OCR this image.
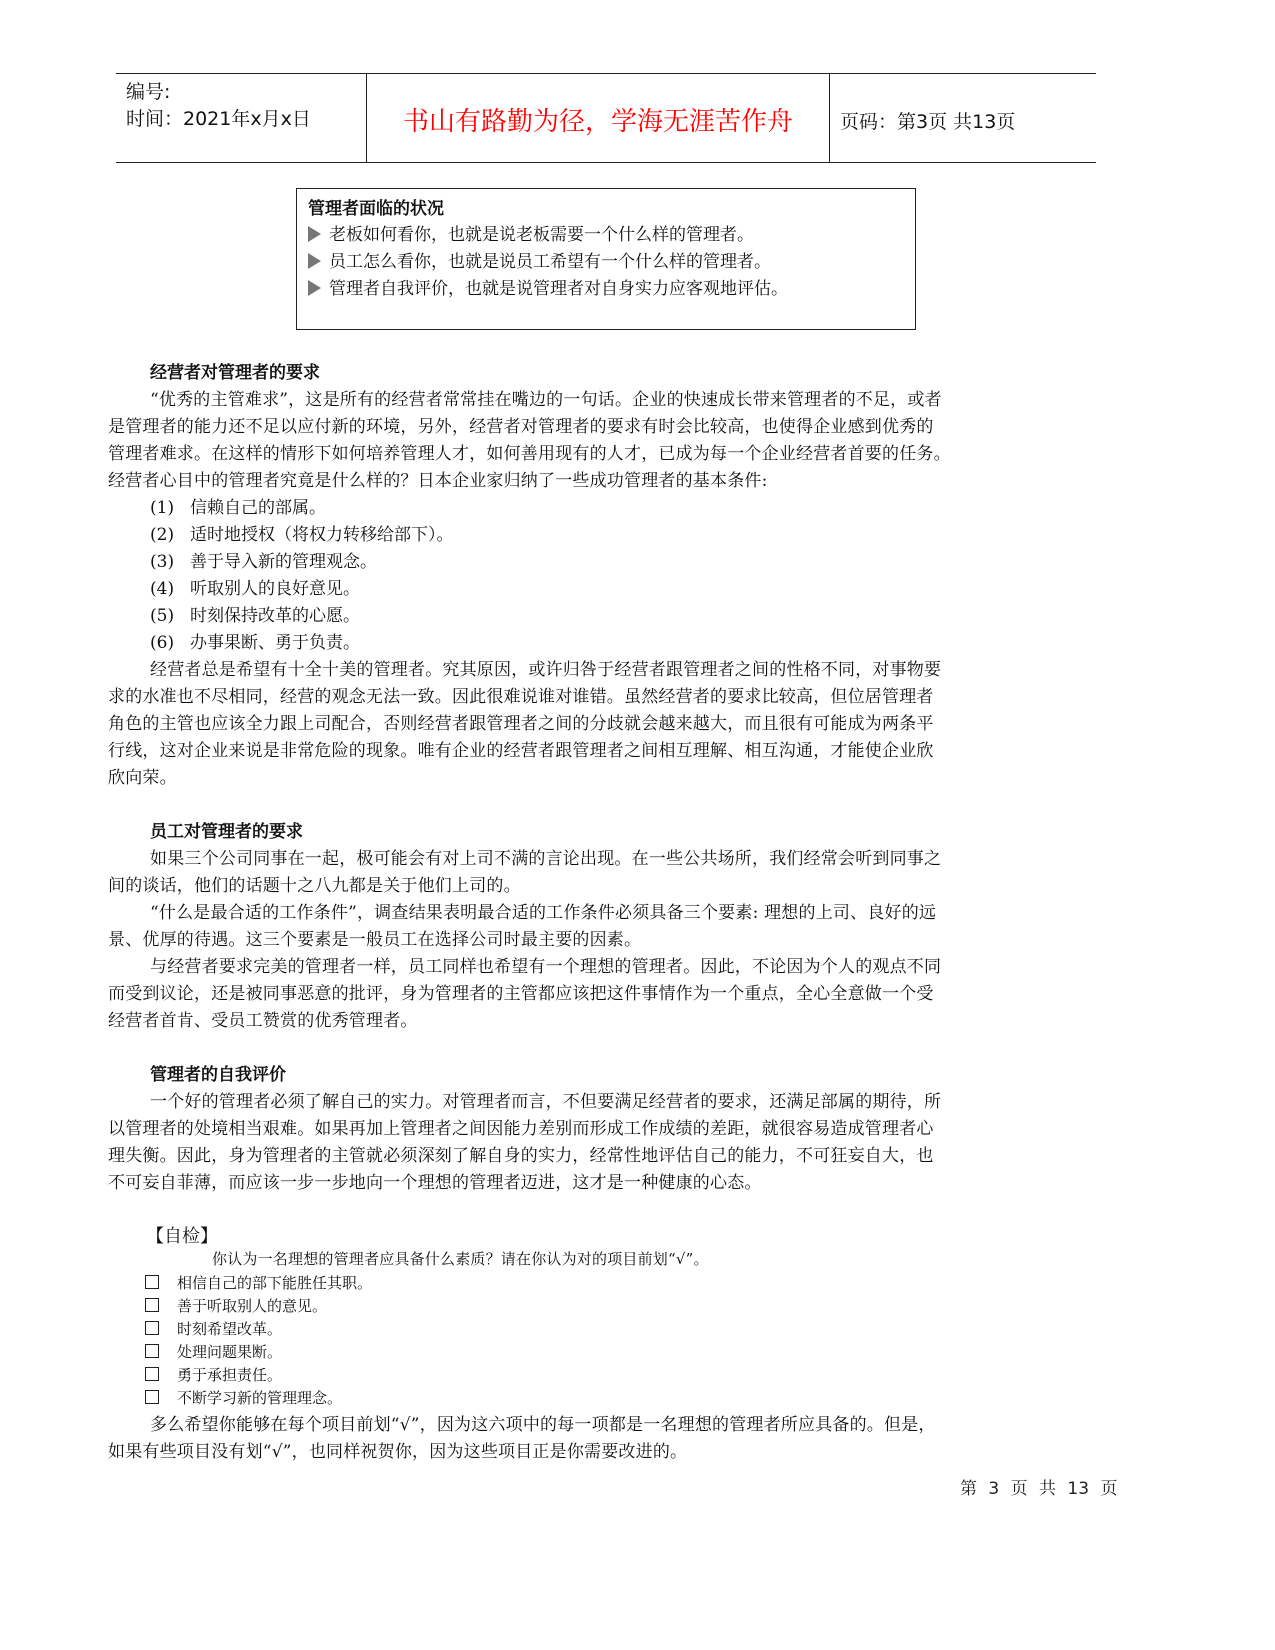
编号:
时间：2021年x月x日	书山有路勤为径，学海无涯苦作舟	页码：第3页 共13页
管理者面临的状况
老板如何看你，也就是说老板需要一个什么样的管理者。
员工怎么看你，也就是说员工希望有一个什么样的管理者。
管理者自我评价，也就是说管理者对自身实力应客观地评估。
经营者对管理者的要求
“优秀的主管难求”，这是所有的经营者常常挂在嘴边的一句话。企业的快速成长带来管理者的不足，或者
是管理者的能力还不足以应付新的环境，另外，经营者对管理者的要求有时会比较高，也使得企业感到优秀的
管理者难求。在这样的情形下如何培养管理人才，如何善用现有的人才，已成为每一个企业经营者首要的任务。
经营者心目中的管理者究竟是什么样的？日本企业家归纳了一些成功管理者的基本条件:
(1) 信赖自己的部属。
(2) 适时地授权（将权力转移给部下）。
(3) 善于导入新的管理观念。
(4) 听取别人的良好意见。
(5) 时刻保持改革的心愿。
(6) 办事果断、勇于负责。
经营者总是希望有十全十美的管理者。究其原因，或许归咎于经营者跟管理者之间的性格不同，对事物要
求的水准也不尽相同，经营的观念无法一致。因此很难说谁对谁错。虽然经营者的要求比较高，但位居管理者
角色的主管也应该全力跟上司配合，否则经营者跟管理者之间的分歧就会越来越大，而且很有可能成为两条平
行线，这对企业来说是非常危险的现象。唯有企业的经营者跟管理者之间相互理解、相互沟通，才能使企业欣
欣向荣。
员工对管理者的要求
如果三个公司同事在一起，极可能会有对上司不满的言论出现。在一些公共场所，我们经常会听到同事之
间的谈话，他们的话题十之八九都是关于他们上司的。
“什么是最合适的工作条件”，调查结果表明最合适的工作条件必须具备三个要素: 理想的上司、良好的远
景、优厚的待遇。这三个要素是一般员工在选择公司时最主要的因素。
与经营者要求完美的管理者一样，员工同样也希望有一个理想的管理者。因此，不论因为个人的观点不同
而受到议论，还是被同事恶意的批评，身为管理者的主管都应该把这件事情作为一个重点，全心全意做一个受
经营者首肯、受员工赞赏的优秀管理者。
管理者的自我评价
一个好的管理者必须了解自己的实力。对管理者而言，不但要满足经营者的要求，还满足部属的期待，所
以管理者的处境相当艰难。如果再加上管理者之间因能力差别而形成工作成绩的差距，就很容易造成管理者心
理失衡。因此，身为管理者的主管就必须深刻了解自身的实力，经常性地评估自己的能力，不可狂妄自大，也
不可妄自菲薄，而应该一步一步地向一个理想的管理者迈进，这才是一种健康的心态。
【自检】
你认为一名理想的管理者应具备什么素质？请在你认为对的项目前划“√”。
相信自己的部下能胜任其职。
善于听取别人的意见。
时刻希望改革。
处理问题果断。
勇于承担责任。
不断学习新的管理理念。
多么希望你能够在每个项目前划“√”，因为这六项中的每一项都是一名理想的管理者所应具备的。但是，
如果有些项目没有划“√”，也同样祝贺你，因为这些项目正是你需要改进的。
第 3 页 共 13 页
